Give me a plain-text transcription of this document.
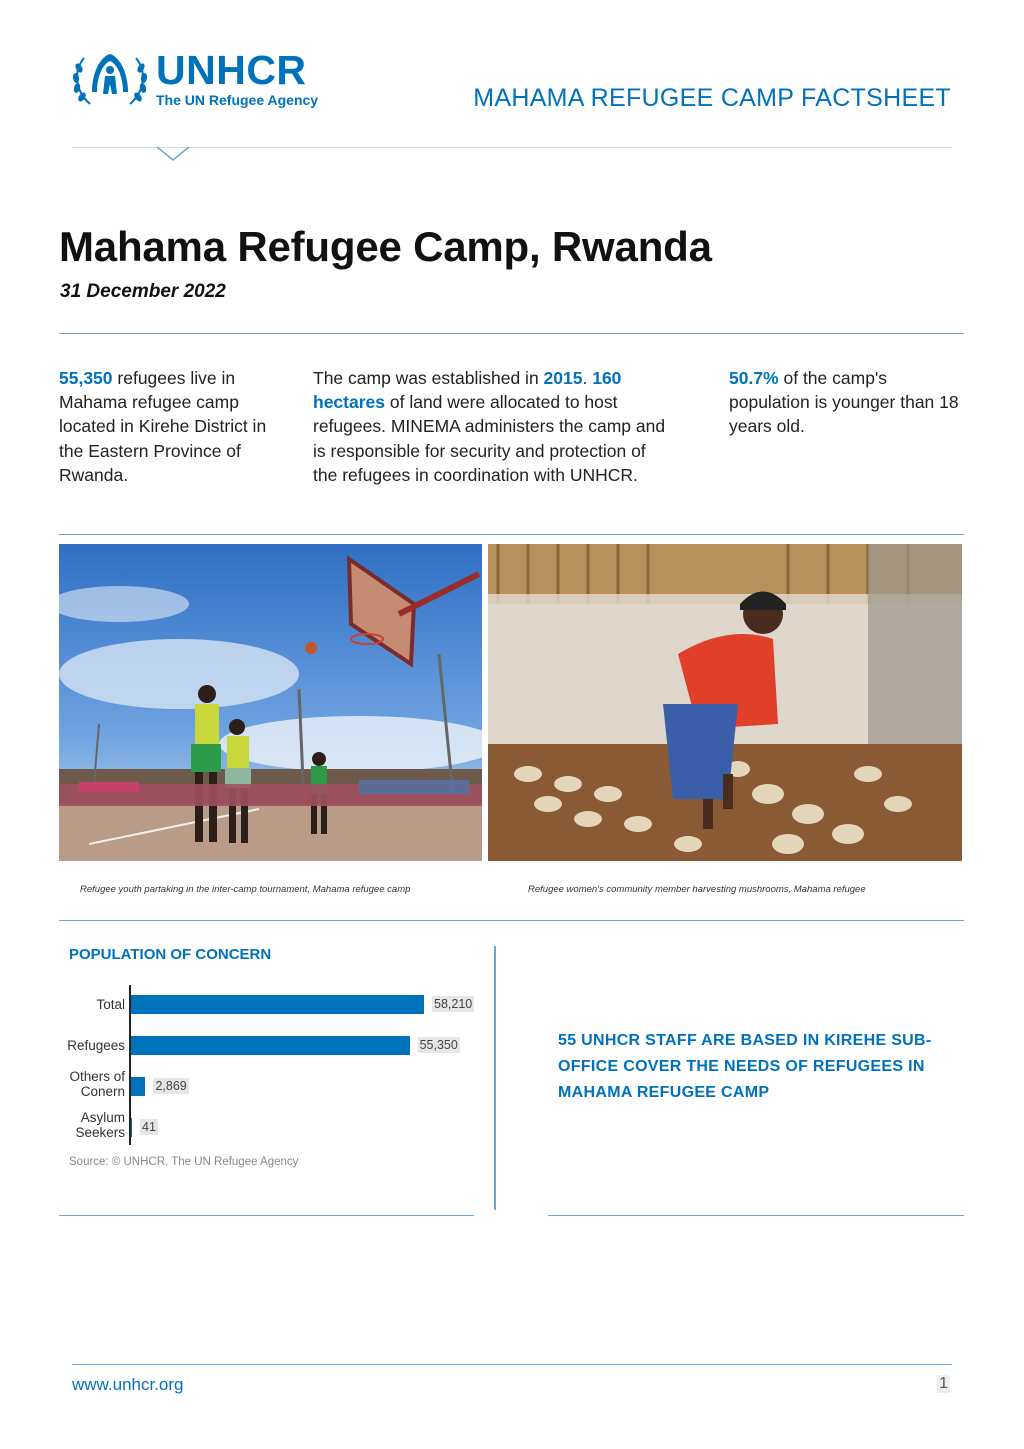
UNHCR
The UN Refugee Agency	MAHAMA REFUGEE CAMP FACTSHEET
Mahama Refugee Camp, Rwanda
31 December 2022
55,350 refugees live in Mahama refugee camp located in Kirehe District in the Eastern Province of Rwanda.
The camp was established in 2015. 160 hectares of land were allocated to host refugees. MINEMA administers the camp and is responsible for security and protection of the refugees in coordination with UNHCR.
50.7% of the camp's population is younger than 18 years old.
Refugee youth partaking in the inter-camp tournament, Mahama refugee camp	Refugee women's community member harvesting mushrooms, Mahama refugee
POPULATION OF CONCERN
Total	58,210
Refugees	55,350
Others of Conern 2,869
Asylum Seekers 41
Source: © UNHCR, The UN Refugee Agency
55 UNHCR STAFF ARE BASED IN KIREHE SUB-OFFICE COVER THE NEEDS OF REFUGEES IN MAHAMA REFUGEE CAMP
www.unhcr.org	1
